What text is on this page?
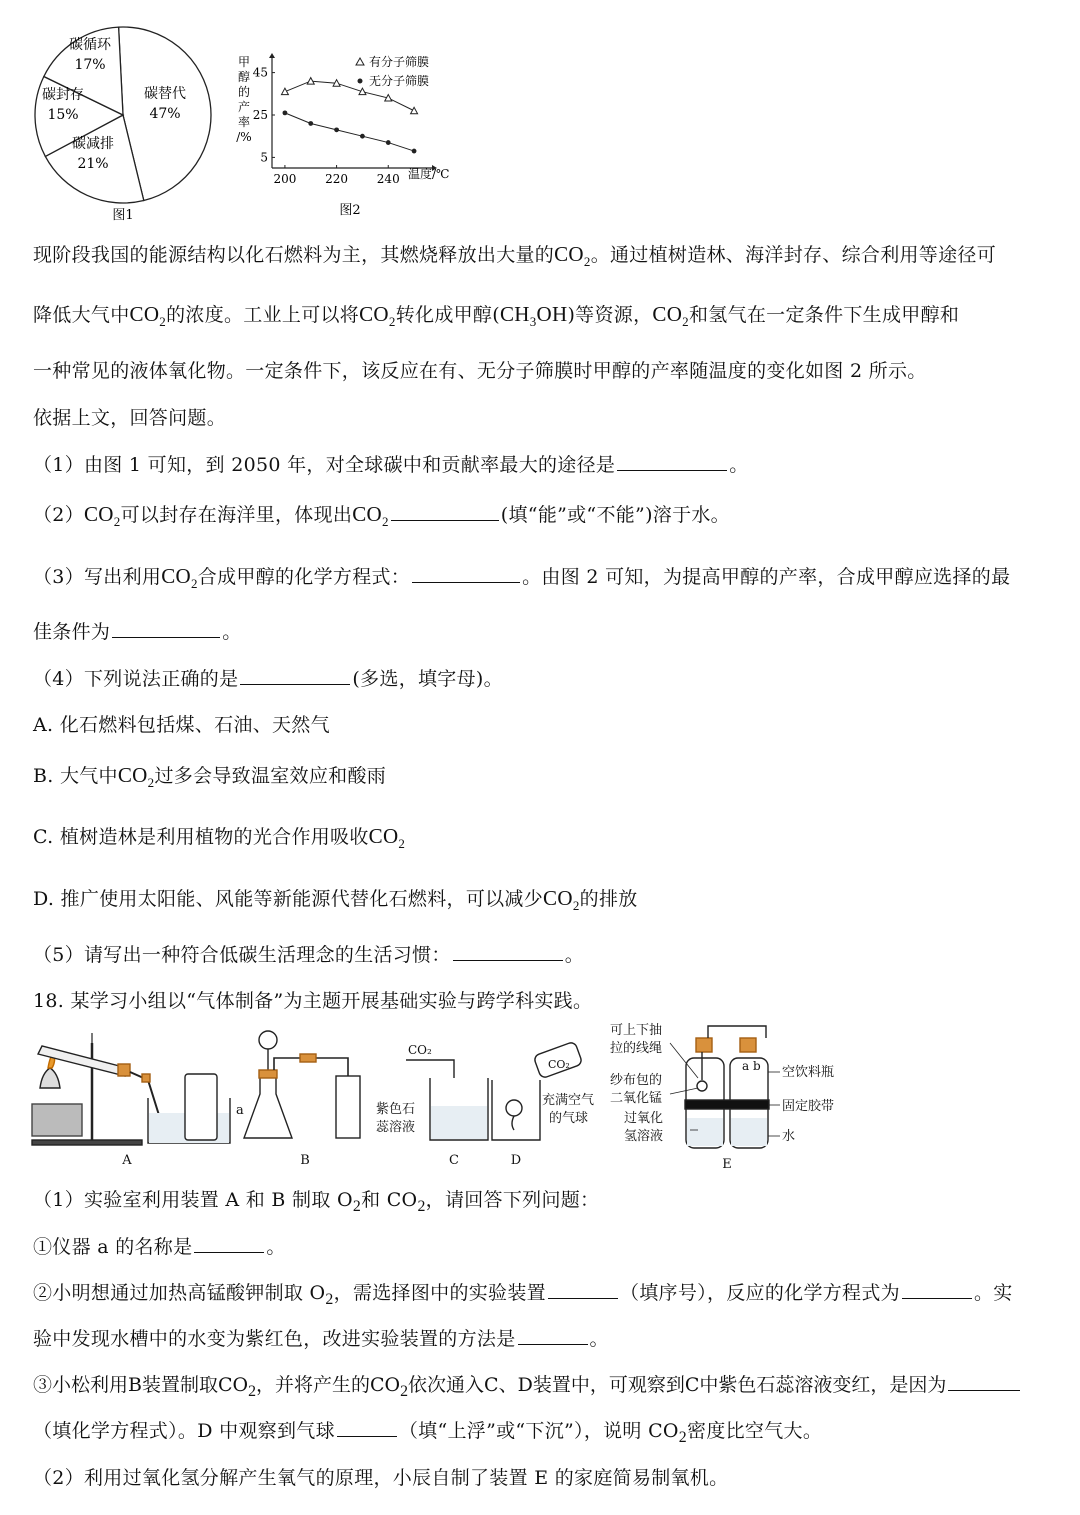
碳循环
17%
碳替代
47%
碳封存
15%
碳减排
21%
图1
甲
醇
的
产
率
/%
200 220 240
5
25
45
有分子筛膜
无分子筛膜
温度/℃
图2
现阶段我国的能源结构以化石燃料为主，其燃烧释放出大量的$CO_2$。通过植树造林、海洋封存、综合利用等途径可
降低大气中$CO_2$的浓度。工业上可以将$CO_2$转化成甲醇$(CH_3OH)$等资源，$CO_2$和氢气在一定条件下生成甲醇和
一种常见的液体氧化物。一定条件下，该反应在有、无分子筛膜时甲醇的产率随温度的变化如图 2 所示。
依据上文，回答问题。
（1）由图 1 可知，到 2050 年，对全球碳中和贡献率最大的途径是	。
$(2)CO_2$可以封存在海洋里，体现出$CO_2$	(填“能”或“不能”)溶于水。
（3）写出利用$CO_2$合成甲醇的化学方程式：	。由图 2 可知，为提高甲醇的产率，合成甲醇应选择的最
佳条件为	。
（4）下列说法正确的是	(多选，填字母)。
A. 化石燃料包括煤、石油、天然气
B. 大气中$CO_2$过多会导致温室效应和酸雨
C. 植树造林是利用植物的光合作用吸收$CO_2$
D. 推广使用太阳能、风能等新能源代替化石燃料，可以减少$CO_2$的排放
（5）请写出一种符合低碳生活理念的生活习惯：	。
18. 某学习小组以“气体制备”为主题开展基础实验与跨学科实践。
A
a
B
CO₂
紫色石
蕊溶液
C
CO₂
充满空气
的气球
D
a b
可上下抽
拉的线绳
纱布包的
二氧化锰
过氧化
氢溶液
空饮料瓶
固定胶带
水
E
（1）实验室利用装置 A 和 B 制取 $O_2$和 $CO_2$，请回答下列问题：
①仪器 a 的名称是	。
②小明想通过加热高锰酸钾制取 $O_2$，需选择图中的实验装置	（填序号），反应的化学方程式为	。实
验中发现水槽中的水变为紫红色，改进实验装置的方法是	。
③小松利用B装置制取$CO_2$，并将产生的$CO_2$依次通入C、D装置中，可观察到C中紫色石蕊溶液变红，是因为
（填化学方程式）。D 中观察到气球	（填“上浮”或“下沉”），说明 $CO_2$密度比空气大。
（2）利用过氧化氢分解产生氧气的原理，小辰自制了装置 E 的家庭简易制氧机。
